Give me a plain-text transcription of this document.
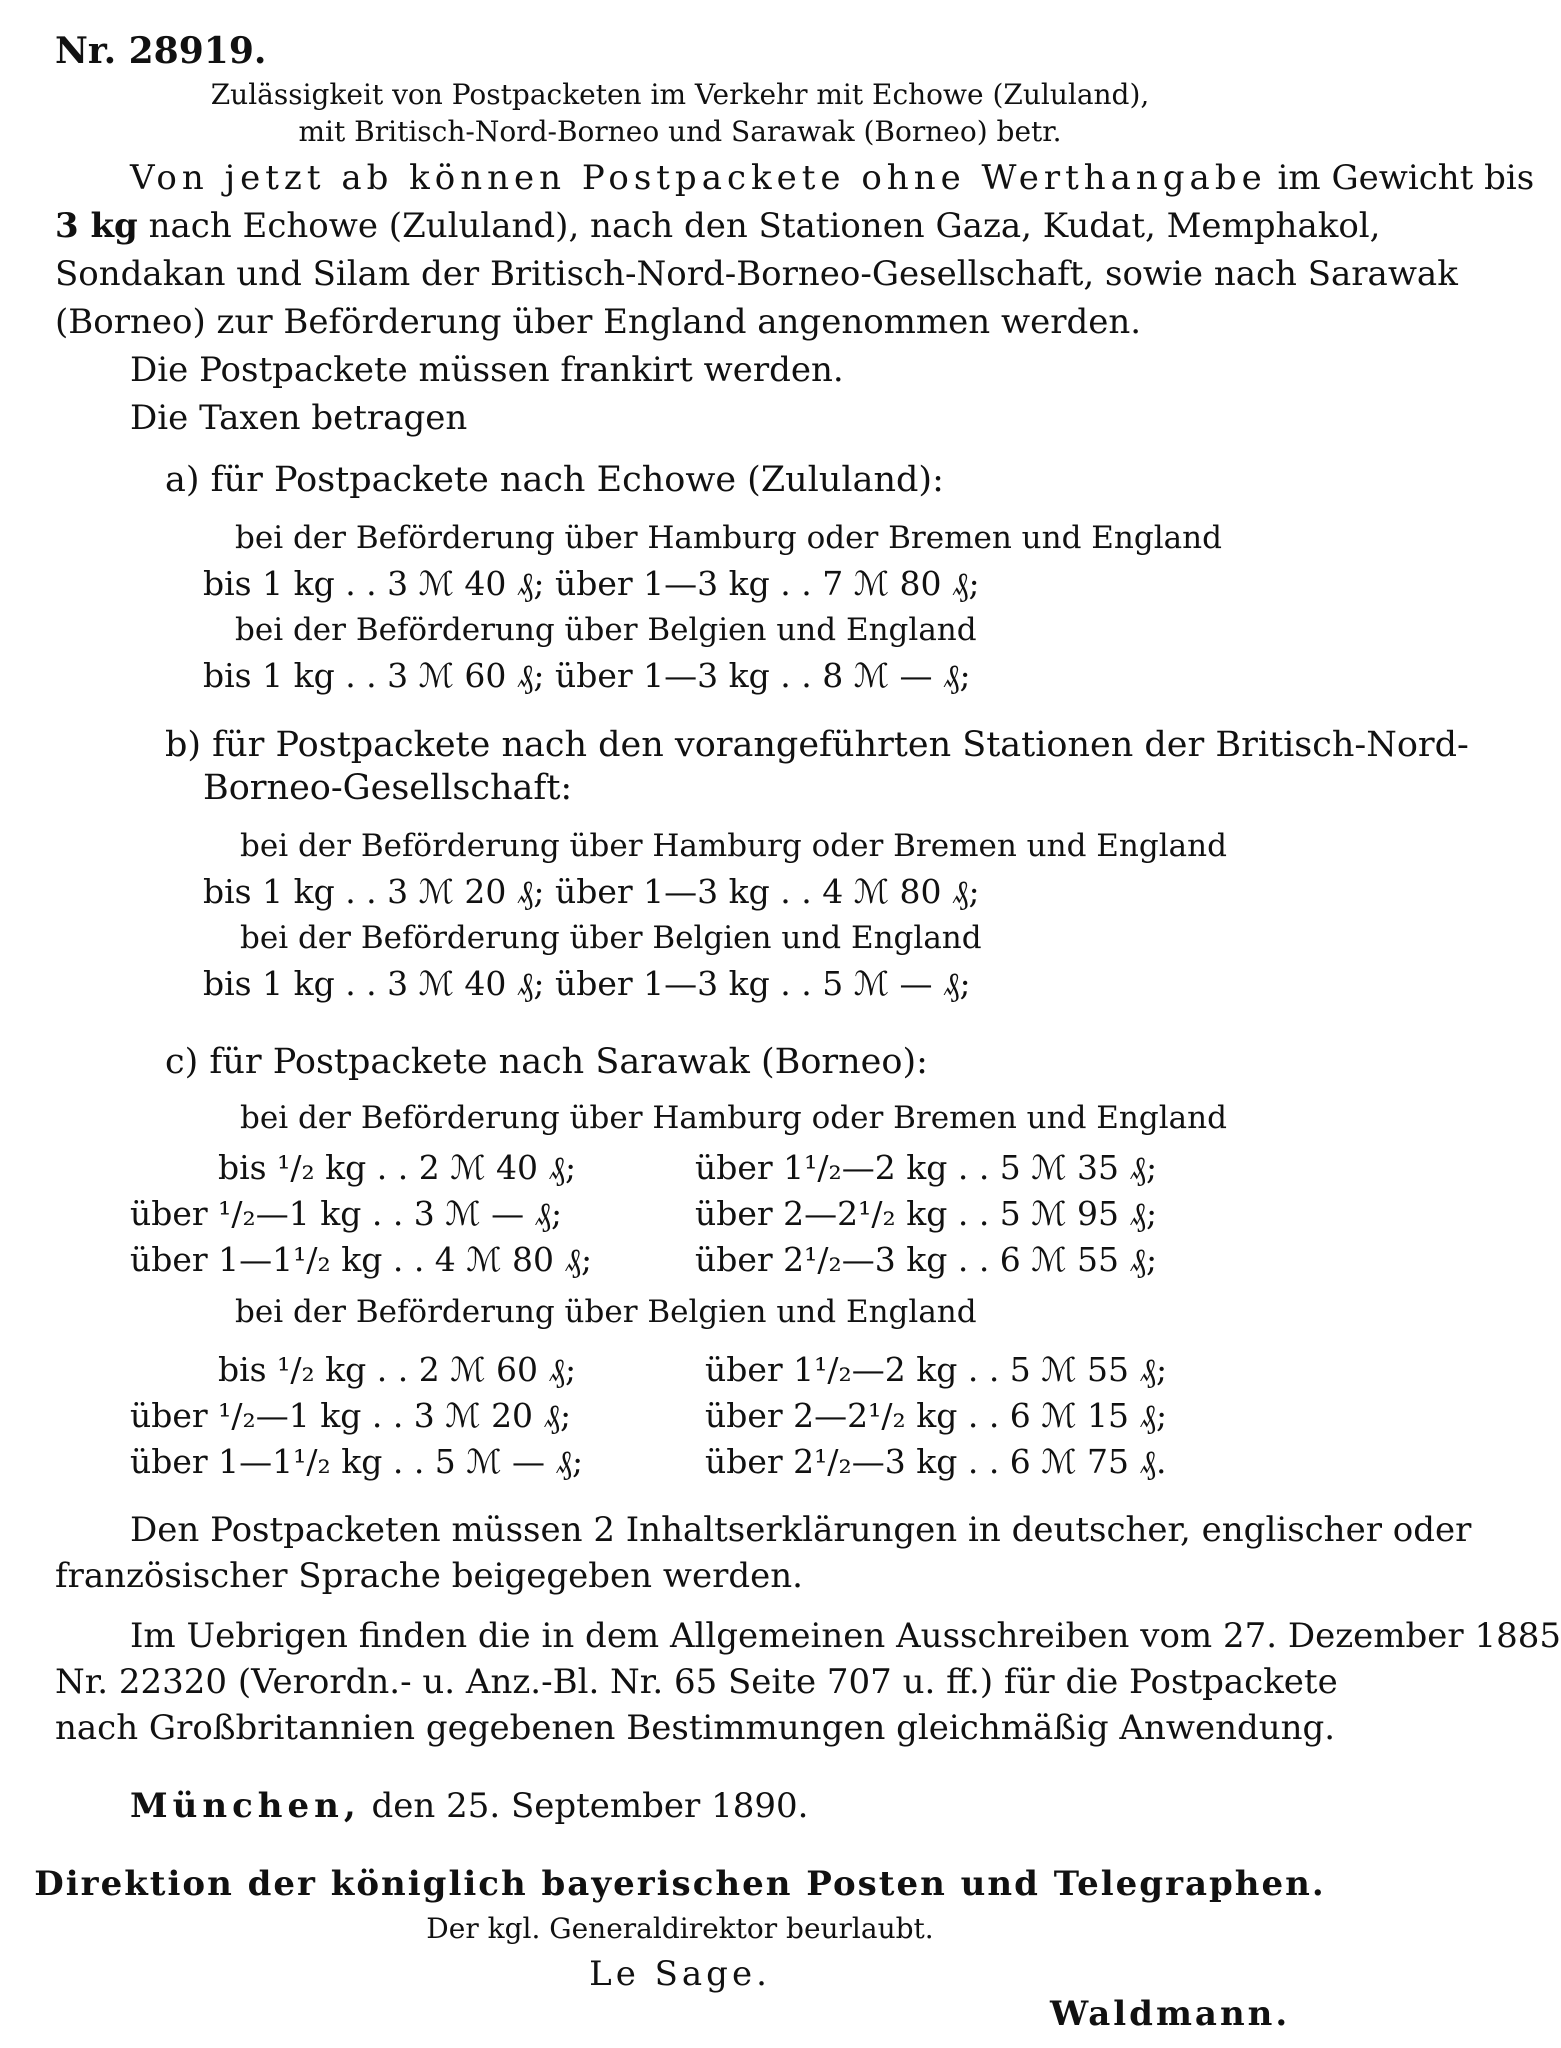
Nr. 28919.
Zulässigkeit von Postpacketen im Verkehr mit Echowe (Zululand),
mit Britisch-Nord-Borneo und Sarawak (Borneo) betr.
Von jetzt ab können Postpackete ohne Werthangabe im Gewicht bis
3 kg nach Echowe (Zululand), nach den Stationen Gaza, Kudat, Memphakol,
Sondakan und Silam der Britisch-Nord-Borneo-Gesellschaft, sowie nach Sarawak
(Borneo) zur Beförderung über England angenommen werden.
Die Postpackete müssen frankirt werden.
Die Taxen betragen
a) für Postpackete nach Echowe (Zululand):
bei der Beförderung über Hamburg oder Bremen und England
bis 1 kg . . 3 ℳ 40 ₰; über 1—3 kg . . 7 ℳ 80 ₰;
bei der Beförderung über Belgien und England
bis 1 kg . . 3 ℳ 60 ₰; über 1—3 kg . . 8 ℳ — ₰;
b) für Postpackete nach den vorangeführten Stationen der Britisch-Nord-
Borneo-Gesellschaft:
bei der Beförderung über Hamburg oder Bremen und England
bis 1 kg . . 3 ℳ 20 ₰; über 1—3 kg . . 4 ℳ 80 ₰;
bei der Beförderung über Belgien und England
bis 1 kg . . 3 ℳ 40 ₰; über 1—3 kg . . 5 ℳ — ₰;
c) für Postpackete nach Sarawak (Borneo):
bei der Beförderung über Hamburg oder Bremen und England
bis ¹/₂ kg . . 2 ℳ 40 ₰;	über 1¹/₂—2 kg . . 5 ℳ 35 ₰;
über ¹/₂—1 kg . . 3 ℳ — ₰;	über 2—2¹/₂ kg . . 5 ℳ 95 ₰;
über 1—1¹/₂ kg . . 4 ℳ 80 ₰;	über 2¹/₂—3 kg . . 6 ℳ 55 ₰;
bei der Beförderung über Belgien und England
bis ¹/₂ kg . . 2 ℳ 60 ₰;	über 1¹/₂—2 kg . . 5 ℳ 55 ₰;
über ¹/₂—1 kg . . 3 ℳ 20 ₰;	über 2—2¹/₂ kg . . 6 ℳ 15 ₰;
über 1—1¹/₂ kg . . 5 ℳ — ₰;	über 2¹/₂—3 kg . . 6 ℳ 75 ₰.
Den Postpacketen müssen 2 Inhaltserklärungen in deutscher, englischer oder
französischer Sprache beigegeben werden.
Im Uebrigen finden die in dem Allgemeinen Ausschreiben vom 27. Dezember 1885
Nr. 22320 (Verordn.- u. Anz.-Bl. Nr. 65 Seite 707 u. ff.) für die Postpackete
nach Großbritannien gegebenen Bestimmungen gleichmäßig Anwendung.
München, den 25. September 1890.
Direktion der königlich bayerischen Posten und Telegraphen.
Der kgl. Generaldirektor beurlaubt.
Le Sage.
Waldmann.
